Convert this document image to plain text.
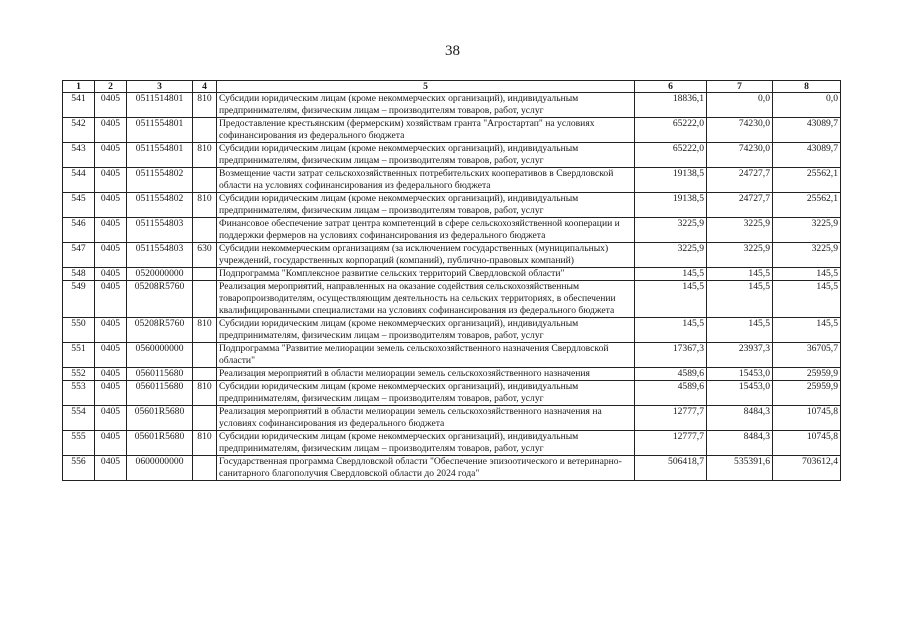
38
1	2	3	4	5	6	7	8
541	0405	0511514801	810	Субсидии юридическим лицам (кроме некоммерческих организаций), индивидуальным предпринимателям, физическим лицам – производителям товаров, работ, услуг	18836,1	0,0	0,0
542	0405	0511554801		Предоставление крестьянским (фермерским) хозяйствам гранта "Агростартап" на условиях софинансирования из федерального бюджета	65222,0	74230,0	43089,7
543	0405	0511554801	810	Субсидии юридическим лицам (кроме некоммерческих организаций), индивидуальным предпринимателям, физическим лицам – производителям товаров, работ, услуг	65222,0	74230,0	43089,7
544	0405	0511554802		Возмещение части затрат сельскохозяйственных потребительских кооперативов в Свердловской области на условиях софинансирования из федерального бюджета	19138,5	24727,7	25562,1
545	0405	0511554802	810	Субсидии юридическим лицам (кроме некоммерческих организаций), индивидуальным предпринимателям, физическим лицам – производителям товаров, работ, услуг	19138,5	24727,7	25562,1
546	0405	0511554803		Финансовое обеспечение затрат центра компетенций в сфере сельскохозяйственной кооперации и поддержки фермеров на условиях софинансирования из федерального бюджета	3225,9	3225,9	3225,9
547	0405	0511554803	630	Субсидии некоммерческим организациям (за исключением государственных (муниципальных) учреждений, государственных корпораций (компаний), публично-правовых компаний)	3225,9	3225,9	3225,9
548	0405	0520000000		Подпрограмма "Комплексное развитие сельских территорий Свердловской области"	145,5	145,5	145,5
549	0405	05208R5760		Реализация мероприятий, направленных на оказание содействия сельскохозяйственным товаропроизводителям, осуществляющим деятельность на сельских территориях, в обеспечении квалифицированными специалистами на условиях софинансирования из федерального бюджета	145,5	145,5	145,5
550	0405	05208R5760	810	Субсидии юридическим лицам (кроме некоммерческих организаций), индивидуальным предпринимателям, физическим лицам – производителям товаров, работ, услуг	145,5	145,5	145,5
551	0405	0560000000		Подпрограмма "Развитие мелиорации земель сельскохозяйственного назначения Свердловской области"	17367,3	23937,3	36705,7
552	0405	0560115680		Реализация мероприятий в области мелиорации земель сельскохозяйственного назначения	4589,6	15453,0	25959,9
553	0405	0560115680	810	Субсидии юридическим лицам (кроме некоммерческих организаций), индивидуальным предпринимателям, физическим лицам – производителям товаров, работ, услуг	4589,6	15453,0	25959,9
554	0405	05601R5680		Реализация мероприятий в области мелиорации земель сельскохозяйственного назначения на условиях софинансирования из федерального бюджета	12777,7	8484,3	10745,8
555	0405	05601R5680	810	Субсидии юридическим лицам (кроме некоммерческих организаций), индивидуальным предпринимателям, физическим лицам – производителям товаров, работ, услуг	12777,7	8484,3	10745,8
556	0405	0600000000		Государственная программа Свердловской области "Обеспечение эпизоотического и ветеринарно-санитарного благополучия Свердловской области до 2024 года"	506418,7	535391,6	703612,4
